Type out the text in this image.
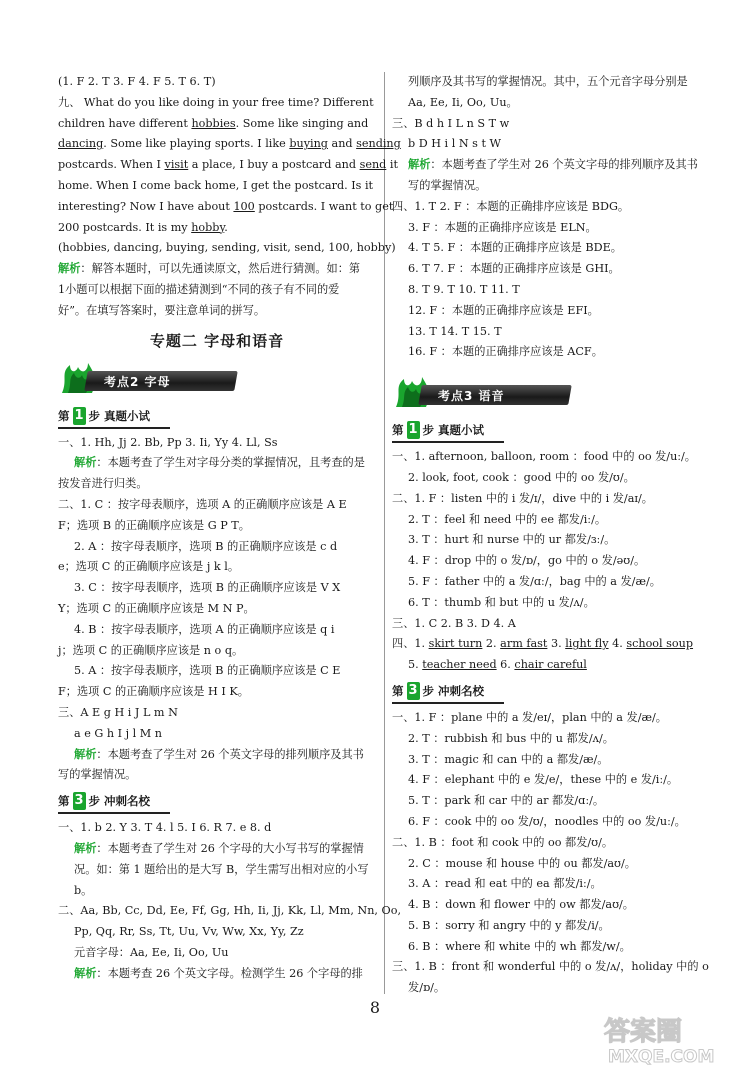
(1. F 2. T 3. F 4. F 5. T 6. T)
九、 What do you like doing in your free time? Different
children have different hobbies. Some like singing and
dancing. Some like playing sports. I like buying and sending
postcards. When I visit a place, I buy a postcard and send it
home. When I come back home, I get the postcard. Is it
interesting? Now I have about 100 postcards. I want to get
200 postcards. It is my hobby.
(hobbies, dancing, buying, sending, visit, send, 100, hobby)
解析：解答本题时，可以先通读原文，然后进行猜测。如：第
1小题可以根据下面的描述猜测到“不同的孩子有不同的爱
好”。在填写答案时，要注意单词的拼写。
专题二 字母和语音
考点2 字母
第 1 步 真题小试
一、1. Hh, Jj 2. Bb, Pp 3. Ii, Yy 4. Ll, Ss
解析：本题考查了学生对字母分类的掌握情况，且考查的是
按发音进行归类。
二、1. C ：按字母表顺序，选项 A 的正确顺序应该是 A E
F；选项 B 的正确顺序应该是 G P T。
2. A ：按字母表顺序，选项 B 的正确顺序应该是 c d
e；选项 C 的正确顺序应该是 j k l。
3. C ：按字母表顺序，选项 B 的正确顺序应该是 V X
Y；选项 C 的正确顺序应该是 M N P。
4. B ：按字母表顺序，选项 A 的正确顺序应该是 q i
j；选项 C 的正确顺序应该是 n o q。
5. A ：按字母表顺序，选项 B 的正确顺序应该是 C E
F；选项 C 的正确顺序应该是 H I K。
三、A E g H i J L m N
a e G h I j l M n
解析：本题考查了学生对 26 个英文字母的排列顺序及其书
写的掌握情况。
第 3 步 冲刺名校
一、1. b 2. Y 3. T 4. l 5. I 6. R 7. e 8. d
解析：本题考查了学生对 26 个字母的大小写书写的掌握情
况。如：第 1 题给出的是大写 B，学生需写出相对应的小写
b。
二、Aa, Bb, Cc, Dd, Ee, Ff, Gg, Hh, Ii, Jj, Kk, Ll, Mm, Nn, Oo,
Pp, Qq, Rr, Ss, Tt, Uu, Vv, Ww, Xx, Yy, Zz
元音字母：Aa, Ee, Ii, Oo, Uu
解析：本题考查 26 个英文字母。检测学生 26 个字母的排
列顺序及其书写的掌握情况。其中，五个元音字母分别是
Aa, Ee, Ii, Oo, Uu。
三、B d h I L n S T w
b D H i l N s t W
解析：本题考查了学生对 26 个英文字母的排列顺序及其书
写的掌握情况。
四、1. T 2. F ：本题的正确排序应该是 BDG。
3. F ：本题的正确排序应该是 ELN。
4. T 5. F ：本题的正确排序应该是 BDE。
6. T 7. F ：本题的正确排序应该是 GHI。
8. T 9. T 10. T 11. T
12. F ：本题的正确排序应该是 EFI。
13. T 14. T 15. T
16. F ：本题的正确排序应该是 ACF。
考点3 语音
第 1 步 真题小试
一、1. afternoon, balloon, room ：food 中的 oo 发/uː/。
2. look, foot, cook ：good 中的 oo 发/ʊ/。
二、1. F ：listen 中的 i 发/ɪ/，dive 中的 i 发/aɪ/。
2. T ：feel 和 need 中的 ee 都发/iː/。
3. T ：hurt 和 nurse 中的 ur 都发/ɜː/。
4. F ：drop 中的 o 发/ɒ/，go 中的 o 发/əʊ/。
5. F ：father 中的 a 发/ɑː/，bag 中的 a 发/æ/。
6. T ：thumb 和 but 中的 u 发/ʌ/。
三、1. C 2. B 3. D 4. A
四、1. skirt turn 2. arm fast 3. light fly 4. school soup
5. teacher need 6. chair careful
第 3 步 冲刺名校
一、1. F ：plane 中的 a 发/eɪ/，plan 中的 a 发/æ/。
2. T ：rubbish 和 bus 中的 u 都发/ʌ/。
3. T ：magic 和 can 中的 a 都发/æ/。
4. F ：elephant 中的 e 发/e/，these 中的 e 发/iː/。
5. T ：park 和 car 中的 ar 都发/ɑː/。
6. F ：cook 中的 oo 发/ʊ/，noodles 中的 oo 发/uː/。
二、1. B ：foot 和 cook 中的 oo 都发/ʊ/。
2. C ：mouse 和 house 中的 ou 都发/aʊ/。
3. A ：read 和 eat 中的 ea 都发/iː/。
4. B ：down 和 flower 中的 ow 都发/aʊ/。
5. B ：sorry 和 angry 中的 y 都发/i/。
6. B ：where 和 white 中的 wh 都发/w/。
三、1. B ：front 和 wonderful 中的 o 发/ʌ/，holiday 中的 o
发/ɒ/。
8
答案圈
MXQE.COM
